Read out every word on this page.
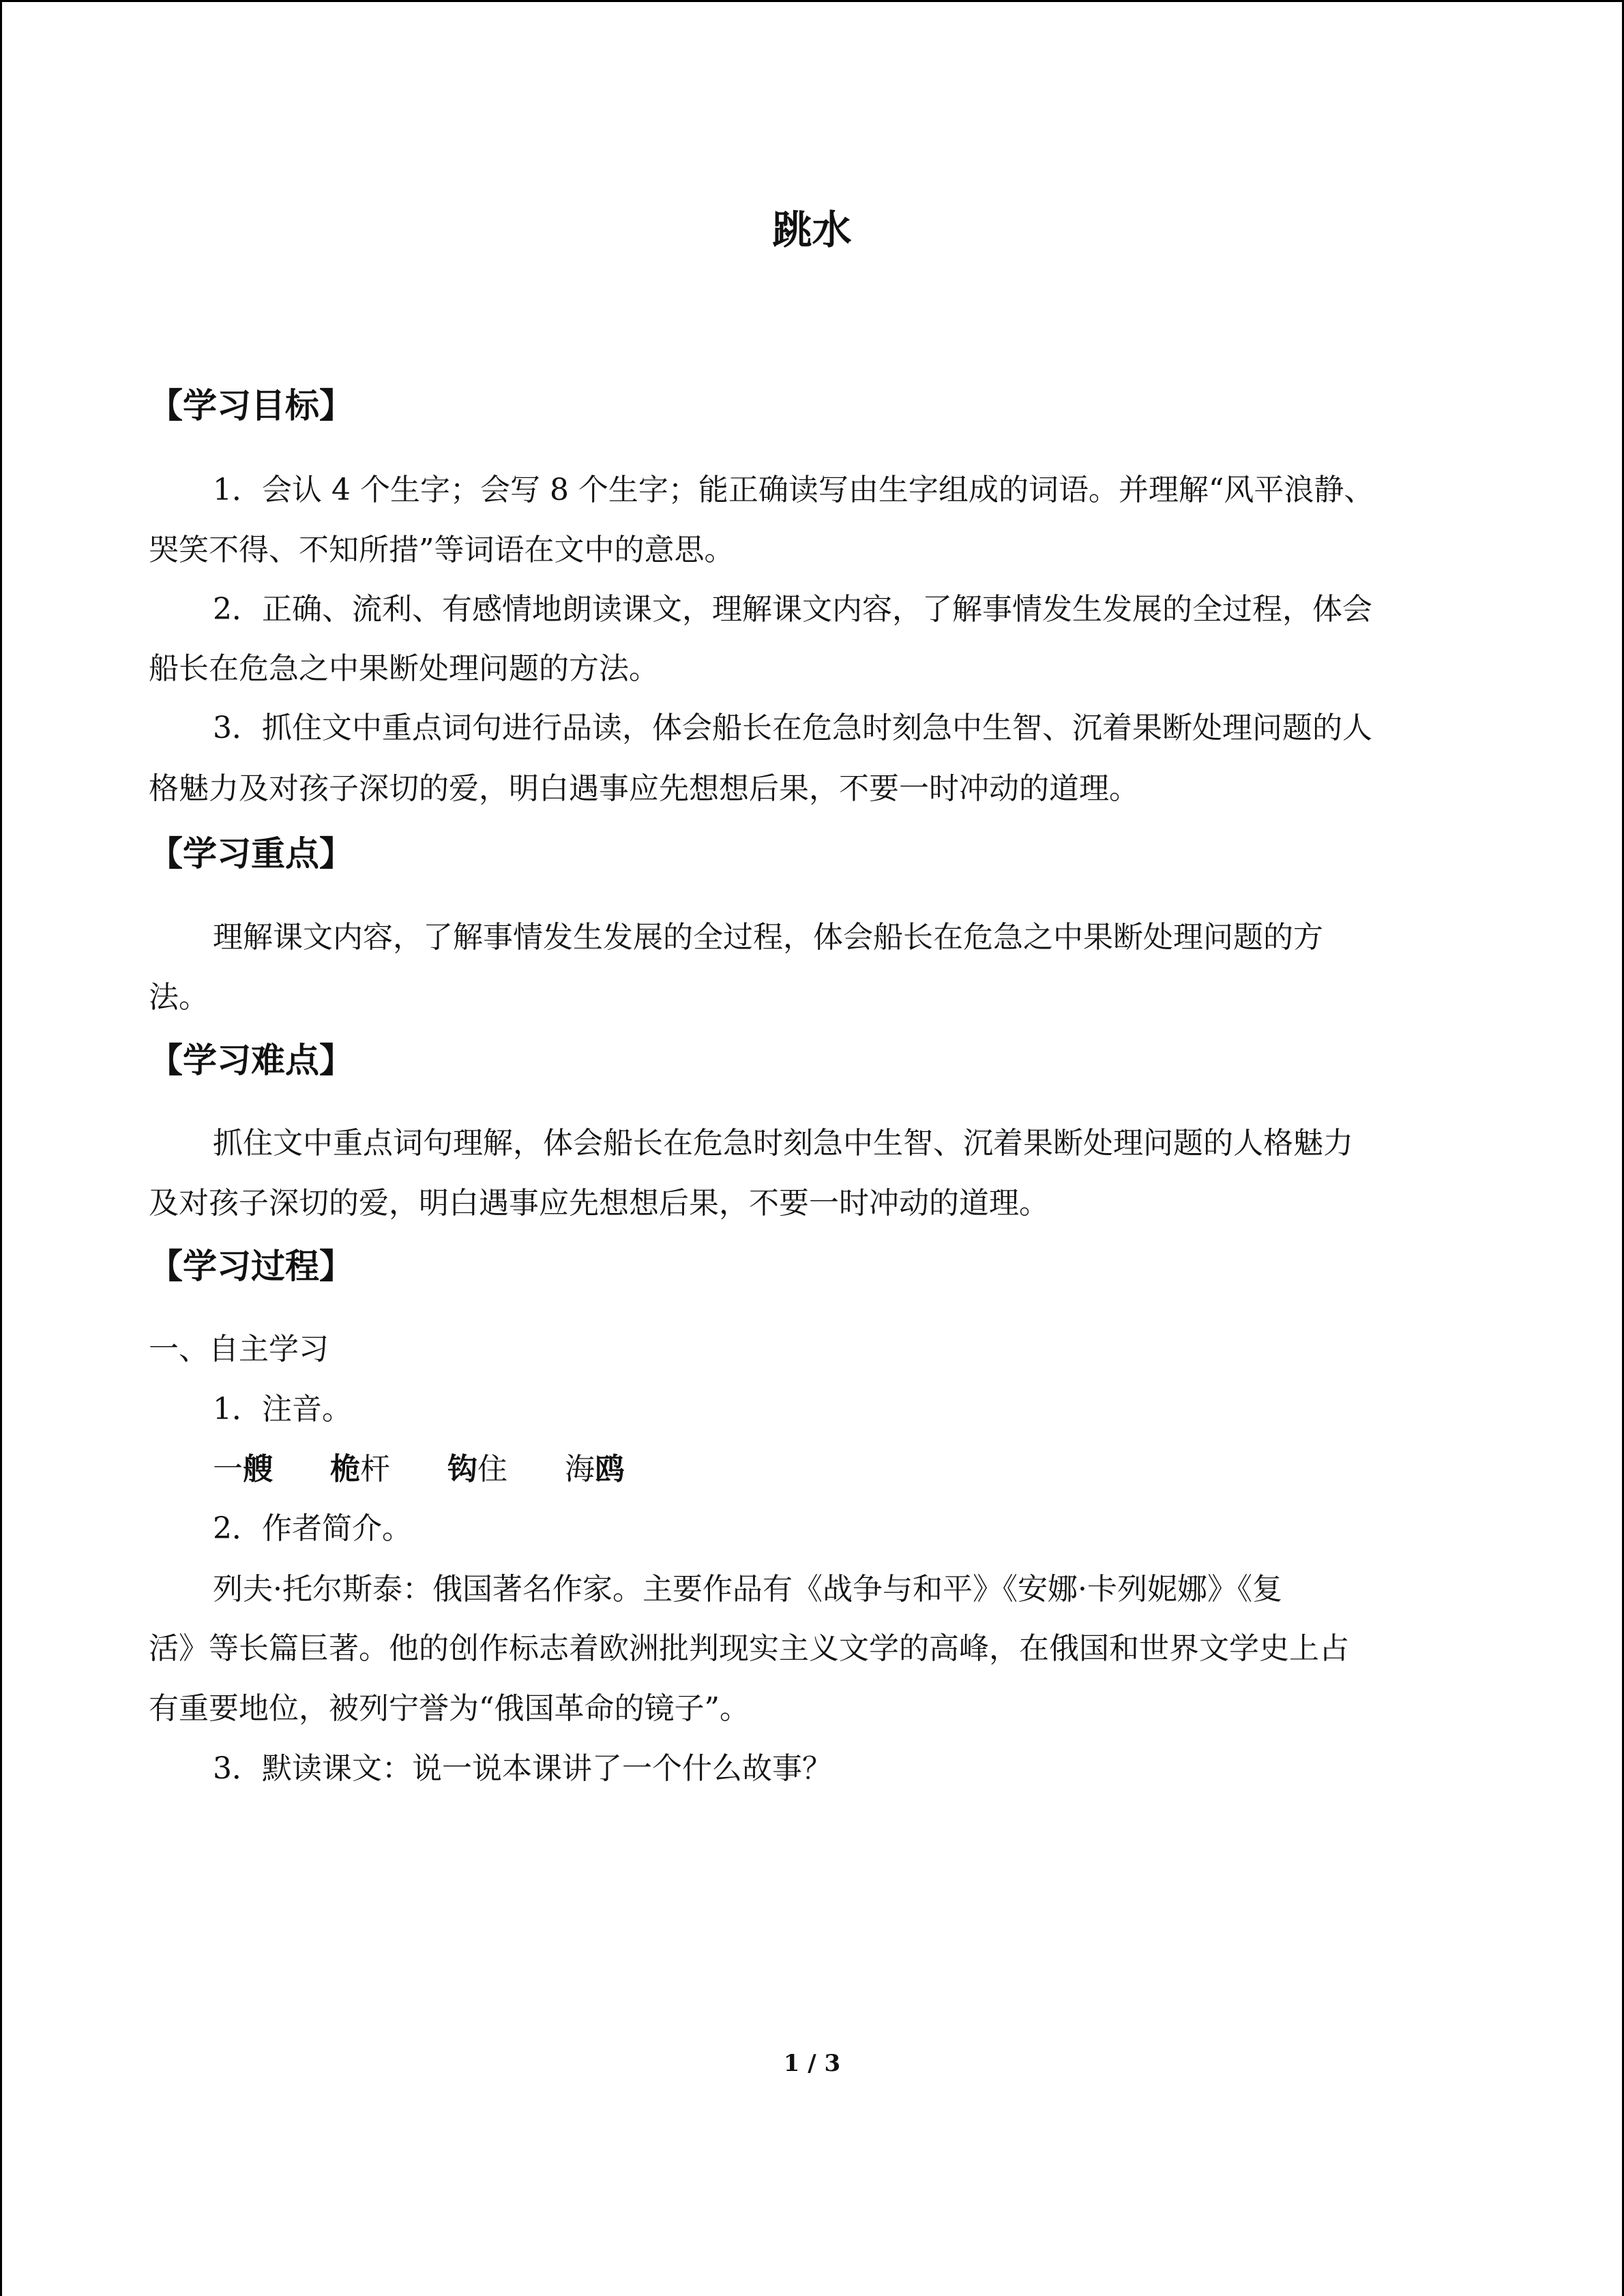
跳水
【学习目标】
1．会认 4 个生字；会写 8 个生字；能正确读写由生字组成的词语。并理解“风平浪静、
哭笑不得、不知所措”等词语在文中的意思。
2．正确、流利、有感情地朗读课文，理解课文内容，了解事情发生发展的全过程，体会
船长在危急之中果断处理问题的方法。
3．抓住文中重点词句进行品读，体会船长在危急时刻急中生智、沉着果断处理问题的人
格魅力及对孩子深切的爱，明白遇事应先想想后果，不要一时冲动的道理。
【学习重点】
理解课文内容，了解事情发生发展的全过程，体会船长在危急之中果断处理问题的方
法。
【学习难点】
抓住文中重点词句理解，体会船长在危急时刻急中生智、沉着果断处理问题的人格魅力
及对孩子深切的爱，明白遇事应先想想后果，不要一时冲动的道理。
【学习过程】
一、自主学习
1．注音。
一艘 桅杆 钩住 海鸥
2．作者简介。
列夫·托尔斯泰：俄国著名作家。主要作品有《战争与和平》《安娜·卡列妮娜》《复
活》等长篇巨著。他的创作标志着欧洲批判现实主义文学的高峰，在俄国和世界文学史上占
有重要地位，被列宁誉为“俄国革命的镜子”。
3．默读课文：说一说本课讲了一个什么故事？
1 / 3
